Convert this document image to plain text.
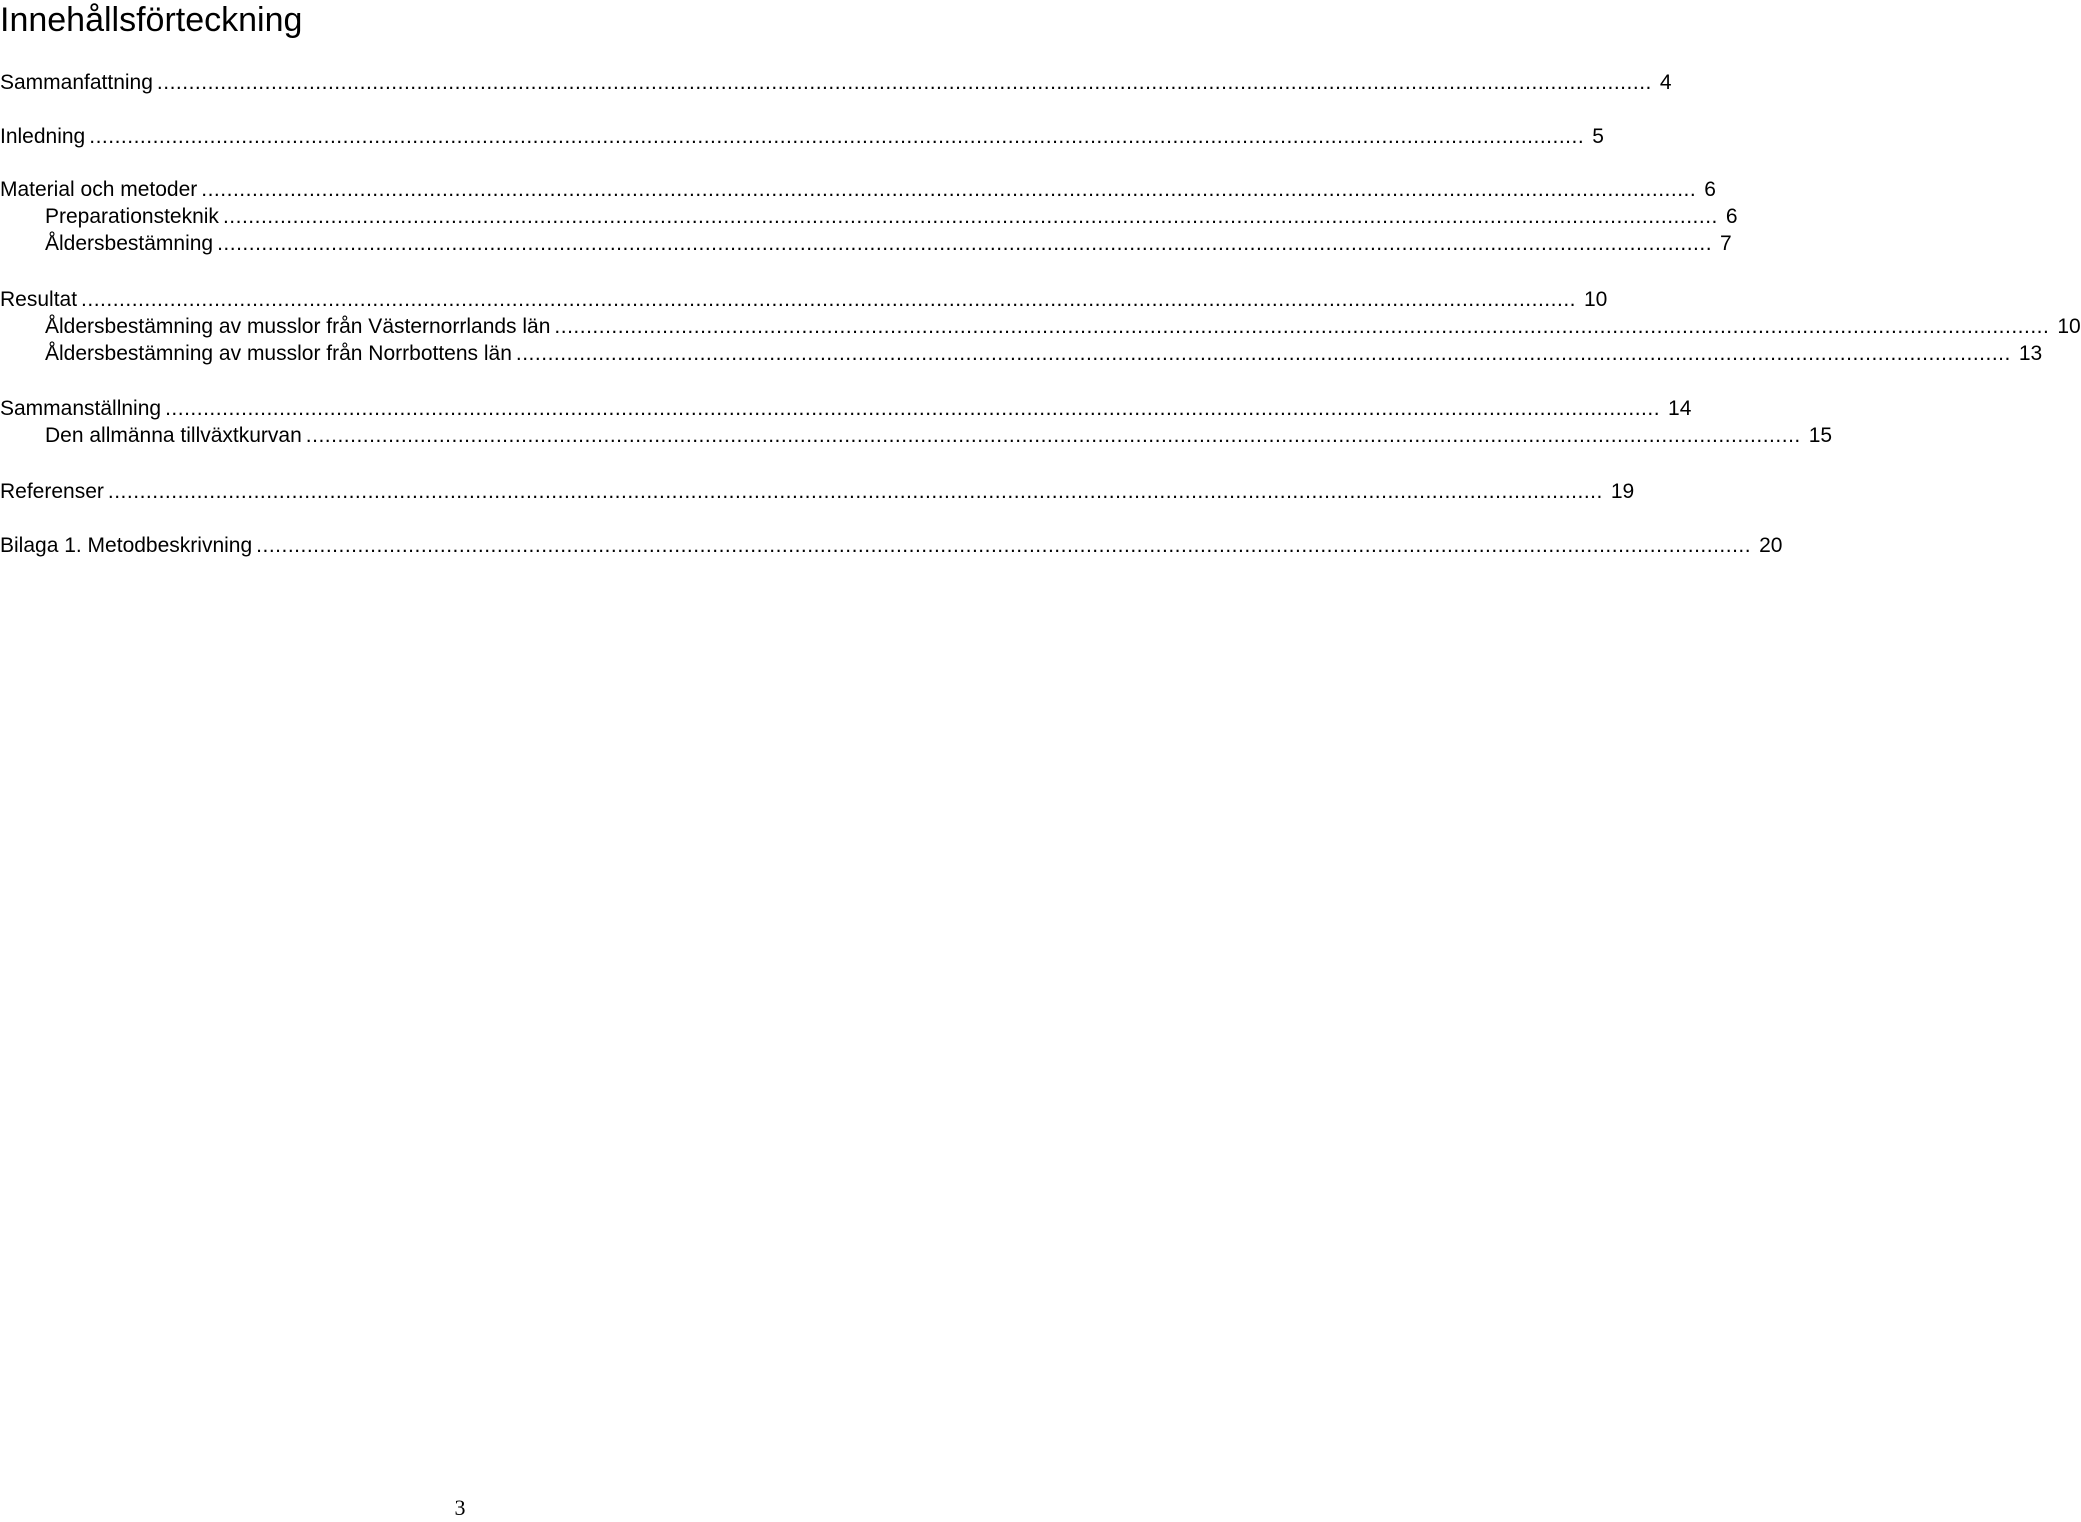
Innehållsförteckning
Sammanfattning ............................................................................................................................................................................................................................................ 4
Inledning ............................................................................................................................................................................................................................................ 5
Material och metoder ............................................................................................................................................................................................................................................ 6
Preparationsteknik ............................................................................................................................................................................................................................................ 6
Åldersbestämning ............................................................................................................................................................................................................................................ 7
Resultat ............................................................................................................................................................................................................................................ 10
Åldersbestämning av musslor från Västernorrlands län ............................................................................................................................................................................................................................................ 10
Åldersbestämning av musslor från Norrbottens län ............................................................................................................................................................................................................................................ 13
Sammanställning ............................................................................................................................................................................................................................................ 14
Den allmänna tillväxtkurvan ............................................................................................................................................................................................................................................ 15
Referenser ............................................................................................................................................................................................................................................ 19
Bilaga 1. Metodbeskrivning ............................................................................................................................................................................................................................................ 20
3
